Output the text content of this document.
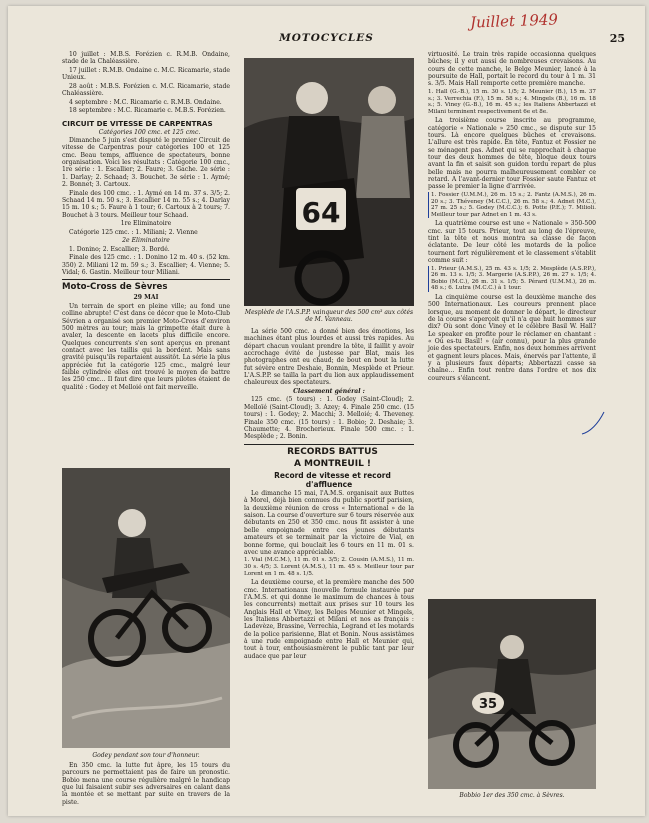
MOTOCYCLES	25
Juillet 1949

10 juillet : M.B.S. Forézien c. R.M.B. Ondaine, stade de la Chaléassière.

17 juillet : R.M.B. Ondaine c. M.C. Ricamarie, stade Unieux.

28 août : M.B.S. Forézien c. M.C. Ricamarie, stade Chaléassière.

4 septembre : M.C. Ricamarie c. R.M.B. Ondaine.

18 septembre : M.C. Ricamarie c. M.B.S. Forézien.

CIRCUIT DE VITESSE DE CARPENTRAS

Catégories 100 cmc. et 125 cmc.

Dimanche 5 juin s'est disputé le premier Circuit de vitesse de Carpentras pour catégories 100 et 125 cmc. Beau temps, affluence de spectateurs, bonne organisation. Voici les résultats : Catégorie 100 cmc., 1re série : 1. Escallier; 2. Faure; 3. Gache. 2e série : 1. Darlay; 2. Schaad; 3. Bouchet. 3e série : 1. Aymé; 2. Bonnet; 3. Cartoux.

Finale des 100 cmc. : 1. Aymé en 14 m. 37 s. 3/5; 2. Schaad 14 m. 50 s.; 3. Escallier 14 m. 55 s.; 4. Darlay 15 m. 10 s.; 5. Faure à 1 tour; 6. Cartoux à 2 tours; 7. Bouchet à 3 tours. Meilleur tour Schaad.

1re Eliminatoire

Catégorie 125 cmc. : 1. Miliani; 2. Vienne

2e Eliminatoire

1. Donino; 2. Escallier; 3. Bordé.

Finale des 125 cmc. : 1. Donino 12 m. 40 s. (52 km. 350) 2. Miliani 12 m. 59 s.; 3. Escallier; 4. Vienne; 5. Vidal; 6. Gastin. Meilleur tour Miliani.

Moto-Cross de Sèvres

29 MAI

Un terrain de sport en pleine ville; au fond une colline abrupte! C'est dans ce décor que le Moto-Club Sévrien a organisé son premier Moto-Cross d'environ 500 mètres au tour; mais la grimpette était dure à avaler, la descente en lacets plus difficile encore. Quelques concurrents s'en sont aperçus en prenant contact avec les taillis qui la bordent. Mais sans gravité puisqu'ils repartaient aussitôt. La série la plus appréciée fut la catégorie 125 cmc., malgré leur faible cylindrée elles ont trouvé le moyen de battre les 250 cmc... Il faut dire que leurs pilotes étaient de qualité : Godey et Melloié ont fait merveille.

Godey pendant son tour d'honneur.

En 350 cmc. la lutte fut âpre, les 15 tours du parcours ne permettaient pas de faire un pronostic. Bobio mena une course régulière malgré le handicap que lui faisaient subir ses adversaires en calant dans la montée et se mettant par suite en travers de la piste.

64
Mesplède de l'A.S.P.P. vainqueur des 500 cm³ aux côtés de M. Vanneau.

La série 500 cmc. a donné bien des émotions, les machines étant plus lourdes et aussi très rapides. Au départ chacun voulant prendre la tête, il faillit y avoir accrochage évité de justesse par Blat, mais les photographes ont eu chaud; de bout en bout la lutte fut sévère entre Deshaie, Bonnin, Mesplède et Prieur. L'A.S.P.P. se tailla la part du lion aux applaudissement chaleureux des spectateurs.

Classement général :

125 cmc. (5 tours) : 1. Godey (Saint-Cloud); 2. Melloïé (Saint-Cloud); 3. Azey; 4. Finale 250 cmc. (15 tours) : 1. Godey; 2. Macchi; 3. Melloié; 4. Theveney. Finale 350 cmc. (15 tours) : 1. Bobio; 2. Deshaie; 3. Chaumette; 4. Brocherieux. Finale 500 cmc. : 1. Mesplède ; 2. Bonin.

RECORDS BATTUS

A MONTREUIL !

Record de vitesse et record d'affluence

Le dimanche 15 mai, l'A.M.S. organisait aux Buttes à Morel, déjà bien connues du public sportif parisien, la deuxième réunion de cross « International » de la saison. La course d'ouverture sur 6 tours réservée aux débutants en 250 et 350 cmc. nous fit assister à une belle empoignade entre ces jeunes débutants amateurs et se terminait par la victoire de Vial, en bonne forme, qui bouclait les 6 tours en 11 m. 01 s. avec une avance appréciable.

1. Vial (M.C.M.), 11 m. 01 s. 3/5; 2. Cousin (A.M.S.), 11 m. 30 s. 4/5; 3. Lorent (A.M.S.), 11 m. 45 s. Meilleur tour par Lorent en 1 m. 48 s. 1/5.

La deuxième course, et la première manche des 500 cmc. Internationaux (nouvelle formule instaurée par l'A.M.S. et qui donne le maximum de chances à tous les concurrents) mettait aux prises sur 10 tours les Anglais Hall et Viney, les Belges Meunier et Mingels, les Italiens Abbertazzi et Milani et nos as français : Ladevèze, Brassine, Verrechia, Legrand et les motards de la police parisienne, Blat et Bonin. Nous assistâmes à une rude empoignade entre Hall et Meunier qui, tout à tour, enthousiasmèrent le public tant par leur audace que par leur

virtuosité. Le train très rapide occasionna quelques bûches; il y eut aussi de nombreuses crevaisons. Au cours de cette manche, le Belge Meunier, lancé à la poursuite de Hall, portait le record du tour à 1 m. 31 s. 3/5. Mais Hall remporte cette première manche.

1. Hall (G.-B.), 15 m. 30 s. 1/5; 2. Meunier (B.), 15 m. 37 s.; 3. Verrechia (F.), 15 m. 58 s.; 4. Mingels (B.), 16 m. 18 s.; 5. Viney (G.-B.), 16 m. 45 s.; les Italiens Abbertazzi et Milani terminent respectivement 6e et 8e.

La troisième course inscrite au programme, catégorie « Nationale » 250 cmc., se dispute sur 15 tours. Là encore quelques bûches et crevaisons. L'allure est très rapide. En tête, Fantuz et Fossier ne se ménagent pas. Adnet qui se rapprochait à chaque tour des deux hommes de tête, bloque deux tours avant la fin et saisit son guidon tordu repart de plus belle mais ne pourra malheureusement combler ce retard. A l'avant-dernier tour Fossier saute Fantuz et passe le premier la ligne d'arrivée.

1. Fossier (U.M.M.), 26 m. 15 s.; 2. Fantz (A.M.S.), 26 m. 20 s.; 3. Théveney (M.C.C.), 26 m. 58 s.; 4. Adnet (M.C.), 27 m. 25 s.; 5. Godey (M.C.C.); 6. Potte (P.E.); 7. Milioli. Meilleur tour par Adnet en 1 m. 43 s.

La quatrième course est une « Nationale » 350-500 cmc. sur 15 tours. Prieur, tout au long de l'épreuve, tint la tête et nous montra sa classe de façon éclatante. De leur côté les motards de la police tournent fort régulièrement et le classement s'établit comme suit :

1. Prieur (A.M.S.), 25 m. 43 s. 1/5; 2. Mesplède (A.S.P.P.), 26 m. 13 s. 1/5; 3. Margerie (A.S.P.P.), 26 m. 27 s. 1/5; 4. Bobio (M.C.), 26 m. 31 s. 1/5; 5. Pérard (U.M.M.), 26 m. 48 s.; 6. Lutra (M.C.C.) à 1 tour.

La cinquième course est la deuxième manche des 500 Internationaux. Les coureurs prennent place lorsque, au moment de donner le départ, le directeur de la course s'aperçoit qu'il n'a que huit hommes sur dix? Où sont donc Viney et le célèbre Basil W. Hall? Le speaker en profite pour le réclamer en chantant : « Où es-tu Basil! » (air connu), pour la plus grande joie des spectateurs. Enfin, nos deux hommes arrivent et gagnent leurs places. Mais, énervés par l'attente, il y a plusieurs faux départs; Abbertazzi casse sa chaîne... Enfin tout rentre dans l'ordre et nos dix coureurs s'élancent.

35
Bobbio 1er des 350 cmc. à Sèvres.
